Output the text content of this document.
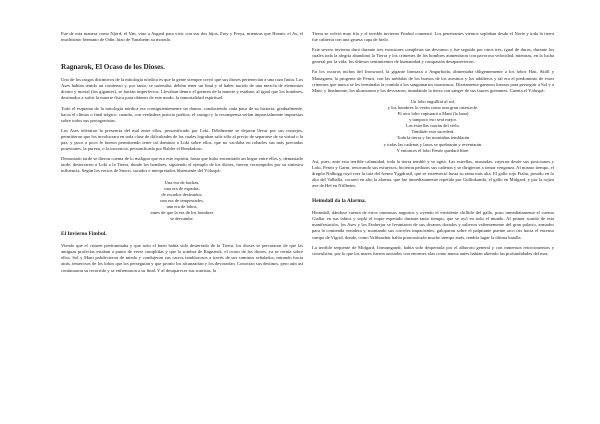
Fue de esta manera como Njörd, el Van, vino a Asgard para vivir con sus dos hijos, Frey y Freya, mientras que Hoenir, el As, el muchísimo hermano de Odín, hizo de Vanaheim su morada.

Ragnarok, El Ocaso de los Dioses.

Uno de los rasgos distintivos de la mitología nórdica es que la gente siempre creyó que sus dioses pertenecían a una raza finita. Los Ases habían tenido un comienzo y, por tanto, se razonaba, debían tener un final y al haber nacido de una mezcla de elementos divino y mortal (los gigantes), se hacían imperfectos. Llevaban dentro el germen de la muerte y estaban, al igual que los hombres, destinados a sufrir la muerte física para obtener de este modo, la inmortalidad espiritual.

Todo el esquema de la mitología nórdica era consiguientemente un drama, conduciendo cada paso de su historia, gradualmente, hacia el clímax o final trágico, cuando, con verdadera justicia poética, el castigo y la recompensa serían imparcialmente impuestos sobre todos sus protagonistas.

Los Ases toleraron la presencia del mal entre ellos, personificado por Loki. Débilmente se dejaron llevar por sus consejos, permitieron que los involucrara en toda clase de dificultades de las cuales lograban salir sólo al precio de separarse de su virtud o la paz, y poco a poco le fueron permitiendo tener tal dominio a Loki sobre ellos, que no vacilaba en robarles sus más preciadas posesiones, la pureza, o la inocencia, personificada por Balder el Bondadoso.

Demasiado tarde se dieron cuenta de lo maligno que era este espíritu, hasta que hubo encontrado un hogar entre ellos y, demasiado tarde, desterraron a Loki a la Tierra, donde los hombres, siguiendo el ejemplo de los dioses, fueron corrompidos por su siniestra influencia. Según los versos de Snorri, sacados e interpretados libremente del Völuspá:

Una era de hachas,
una era de espadas,
de escudos destruidos,
una era de tempestades,
una era de lobos,
antes de que la era de los hombres
se derrumbe.
El Invierno Fimbul.

Viendo que el crimen predominaba y que todo el buen había sido desterrado de la Tierra, los dioses se percataron de que las antiguas profecías estaban a punto de verse cumplidas y que la sombra de Ragnarok, el ocaso de los dioses, ya se cernía sobre ellos. Sol y Mani palidecieron de miedo y condujeron sus carros temblorosos a través de sus caminos señalados, mirando hacia atrás, temerosos de los lobos que los perseguían y que pronto los alcanzarían y los devorarían. Conocían sus destinos, pero aún así continuaron su recorrido y se enfrentaron a su final. Y al desaparecer sus sonrisas, la

Tierra se volvió muy fría y el terrible invierno Fimbul comenzó. Los penetrantes vientos soplaban desde el Norte y toda la tierra fue cubierta con una gruesa capa de hielo.

Este severo invierno duró durante tres estaciones completas sin descanso y fue seguido por otros tres, igual de duros, durante los cuales toda la alegría abandonó la Tierra y los crímenes de los hombres aumentaron con pavorosa velocidad, mientras, en la lucha general por la vida, los últimos sentimientos de humanidad y compasión desaparecieron.

En los oscuros nichos del Ironwood, la gigante Iarnsaxa o Angurboda, alimentaba diligentemente a los lobos Hati, Sköll y Managarm, la progenie de Fenrir, con las médulas de los huesos de los asesinos y los adúlteros y tal era el predominio de estos crímenes que nunca se les terminaba la comida a los sanguinarios monstruos. Diariamente ganaron fuerzas para perseguir a Sol y a Mani, y finalmente, los alcanzaron y los devoraron, inundando la tierra con sangre de sus fauces goteantes. Cuenta el Völuspá:

Un lobo engullirá al sol,
y los hombres lo verán como una gran catástrofe.
El otro lobo capturará a Mani (la luna)
y tampoco eso será mejor.
Las estrellas caerán del cielo.
También esto sucederá.
Toda la tierra y las montañas temblarán
y todas las cadenas y lazos se quebrarán y reventarán.
Y entonces el lobo Fenrir quedará libre.

Así, pues, ante esta terrible calamidad, toda la tierra tembló y se agitó. Las estrellas, asustadas, cayeron desde sus posiciones y Loki, Fenrir y Garm, renovando sus esfuerzos, hicieron pedazos sus cadenas y se dirigieron a tomar venganza. Al mismo tiempo, el dragón Nidhogg royó roer la raíz del fresno Yggdrasil, que se estremeció hasta su rama más alta. El gallo rojo Fialar, posado en lo alto del Valhalla, cacareó en alto la alarma, que fue inmediatamente repetida por Gullinkambi, el gallo en Midgard, y por la rojiza ave de Hel en Niflheim.

Heimdall da la Alarma.

Heimdall, dándose cuenta de estos ominosos augurios y oyendo el estridente chillido del gallo, puso inmediatamente el cuerno Giallar en sus labios y sopló el toque esperado durante tanto tiempo, que se oyó en todo el mundo. Al primer sonido de esta manifestación, los Ases y los Einherjar se levantaron de sus divanos dorados y salieron valientemente del gran palacio, armados para la contienda venidera y, montando sus corceles impacientes, galoparon sobre el palpitante puente arco iris hacia el extenso campo de Vigrid, donde, como Vafthrudnir había pronosticado mucho tiempo atrás, tendría lugar la última batalla.

La terrible serpiente de Midgard, Iörmungandr, había sido despertada por el alboroto general y con inmensos retorcimientos y convulsión, por lo que los mares fueron azotados con enormes olas como nunca antes habían alterado las profundidades del mar,
